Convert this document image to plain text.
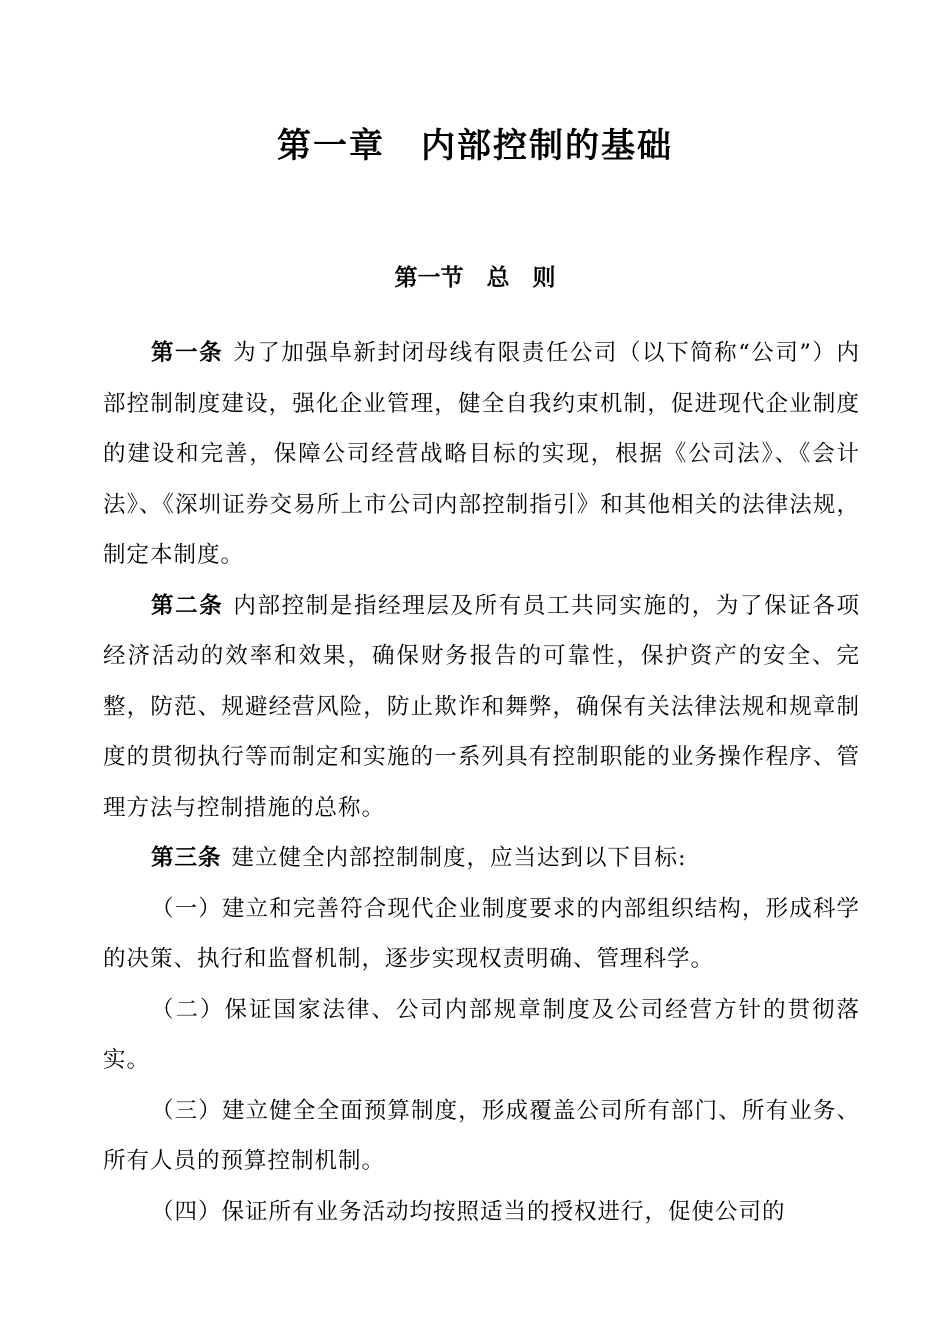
第一章　内部控制的基础
第一节　总　则

第一条 为了加强阜新封闭母线有限责任公司（以下简称“公司”）内部控制制度建设，强化企业管理，健全自我约束机制，促进现代企业制度的建设和完善，保障公司经营战略目标的实现，根据《公司法》、《会计法》、《深圳证券交易所上市公司内部控制指引》和其他相关的法律法规，制定本制度。

第二条 内部控制是指经理层及所有员工共同实施的，为了保证各项经济活动的效率和效果，确保财务报告的可靠性，保护资产的安全、完整，防范、规避经营风险，防止欺诈和舞弊，确保有关法律法规和规章制度的贯彻执行等而制定和实施的一系列具有控制职能的业务操作程序、管理方法与控制措施的总称。

第三条 建立健全内部控制制度，应当达到以下目标:

（一）建立和完善符合现代企业制度要求的内部组织结构，形成科学的决策、执行和监督机制，逐步实现权责明确、管理科学。

（二）保证国家法律、公司内部规章制度及公司经营方针的贯彻落实。

（三）建立健全全面预算制度，形成覆盖公司所有部门、所有业务、所有人员的预算控制机制。

（四）保证所有业务活动均按照适当的授权进行，促使公司的
